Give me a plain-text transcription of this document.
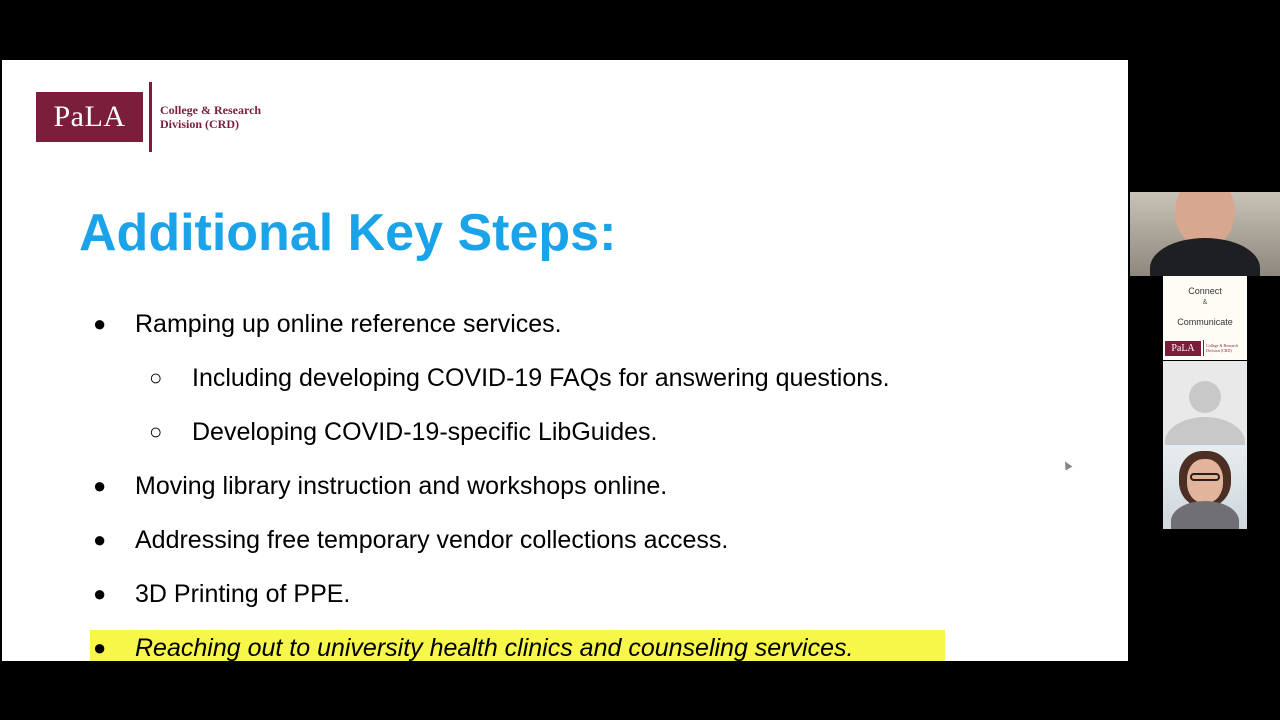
PaLA	College & Research
Division (CRD)
Additional Key Steps:
● Ramping up online reference services.
○ Including developing COVID-19 FAQs for answering questions.
○ Developing COVID-19-specific LibGuides.
● Moving library instruction and workshops online.
● Addressing free temporary vendor collections access.
● 3D Printing of PPE.
● Reaching out to university health clinics and counseling services.
Connect
&
Communicate
PaLA	College & Research
Division (CRD)
